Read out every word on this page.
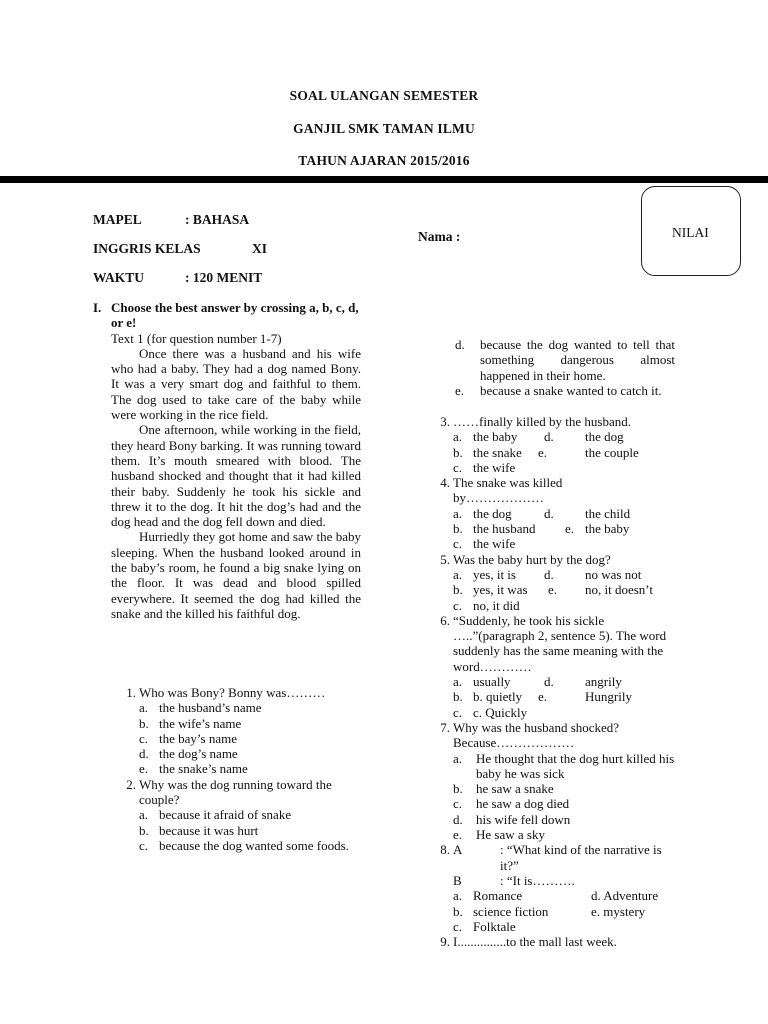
SOAL ULANGAN SEMESTER
GANJIL SMK TAMAN ILMU
TAHUN AJARAN 2015/2016
MAPEL	: BAHASA
INGGRIS KELAS	XI
WAKTU	: 120 MENIT
Nama :	NILAI
I. Choose the best answer by crossing a, b, c, d, or e!
Text 1 (for question number 1-7)
Once there was a husband and his wife who had a baby. They had a dog named Bony. It was a very smart dog and faithful to them. The dog used to take care of the baby while were working in the rice field.
One afternoon, while working in the field, they heard Bony barking. It was running toward them. It’s mouth smeared with blood. The husband shocked and thought that it had killed their baby. Suddenly he took his sickle and threw it to the dog. It hit the dog’s had and the dog head and the dog fell down and died.
Hurriedly they got home and saw the baby sleeping. When the husband looked around in the baby’s room, he found a big snake lying on the floor. It was dead and blood spilled everywhere. It seemed the dog had killed the snake and the killed his faithful dog.
1. Who was Bony? Bonny was………
a. the husband’s name
b. the wife’s name
c. the bay’s name
d. the dog’s name
e. the snake’s name
2. Why was the dog running toward the couple?
a. because it afraid of snake
b. because it was hurt
c. because the dog wanted some foods.
d. because the dog wanted to tell that something dangerous almost happened in their home.
e. because a snake wanted to catch it.
3. ……finally killed by the husband.
a. the baby	d. the dog
b. the snake	e.	the couple
c. the wife
4. The snake was killed by………………
a. the dog	d. the child
b. the husband	e. the baby
c. the wife
5. Was the baby hurt by the dog?
a. yes, it is	d. no was not
b. yes, it was	e. no, it doesn’t
c. no, it did
6. “Suddenly, he took his sickle …..”(paragraph 2, sentence 5). The word suddenly has the same meaning with the word…………
a. usually	d. angrily
b. b. quietly	e.	Hungrily
c. c. Quickly
7. Why was the husband shocked? Because………………
a. He thought that the dog hurt killed his baby he was sick
b. he saw a snake
c. he saw a dog died
d. his wife fell down
e. He saw a sky
8. A	: “What kind of the narrative is it?”
B	: “It is……….
a. Romance	d. Adventure
b. science fiction	e. mystery
c. Folktale
9. I...............to the mall last week.
